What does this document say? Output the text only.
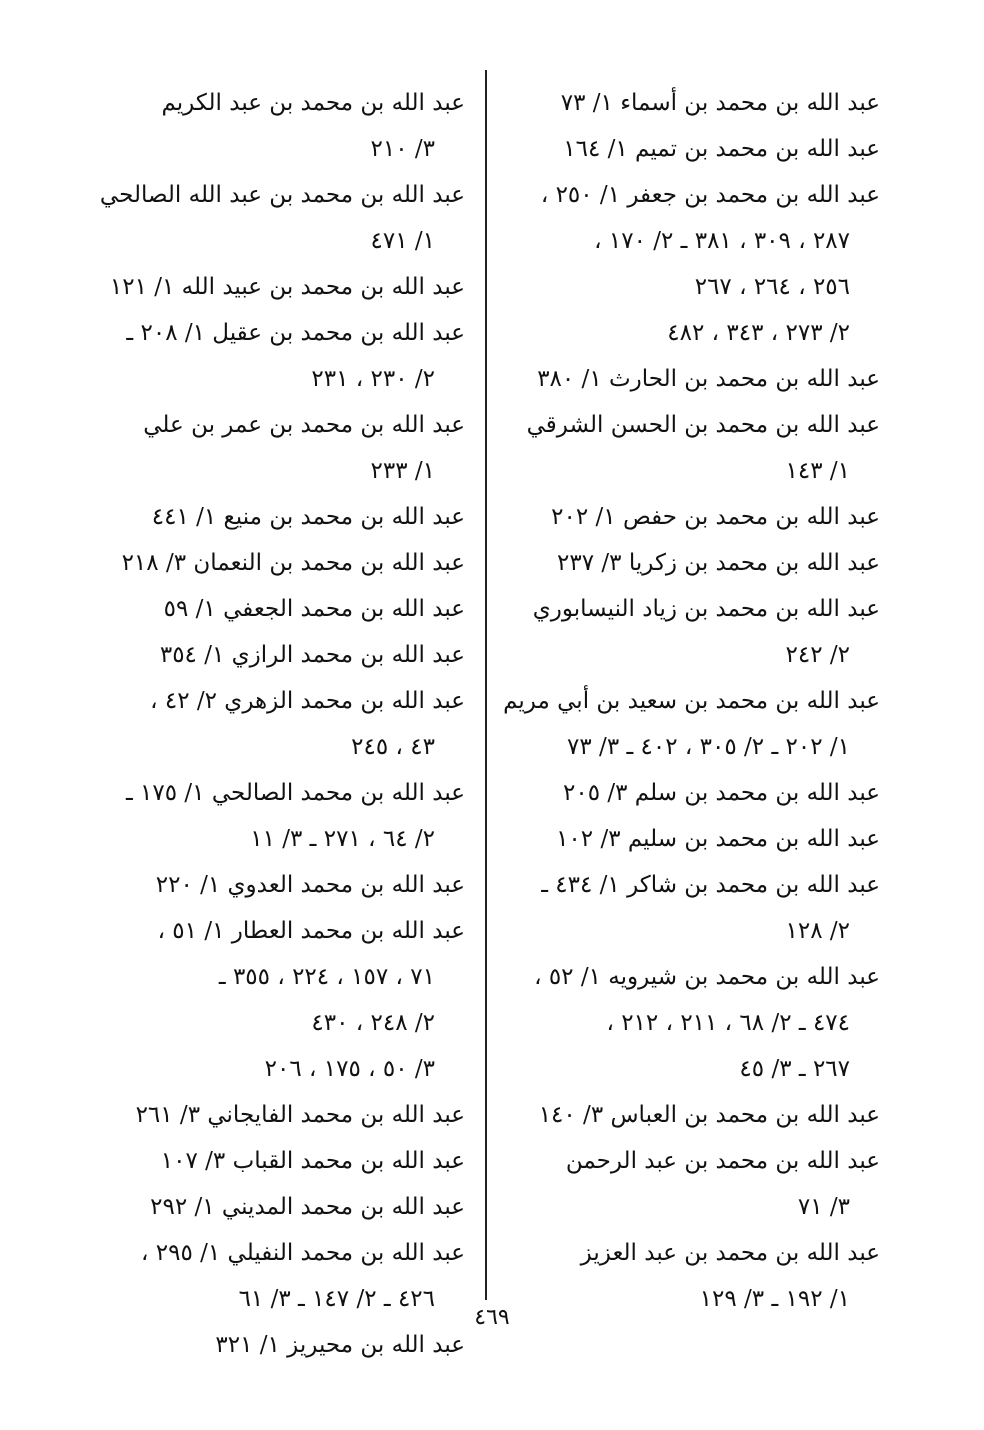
عبد الله بن محمد بن أسماء ١/ ٧٣
عبد الله بن محمد بن تميم ١/ ١٦٤
عبد الله بن محمد بن جعفر ١/ ٢٥٠ ،
٢٨٧ ، ٣٠٩ ، ٣٨١ ـ ٢/ ١٧٠ ،
٢٥٦ ، ٢٦٤ ، ٢٦٧
٢/ ٢٧٣ ، ٣٤٣ ، ٤٨٢
عبد الله بن محمد بن الحارث ١/ ٣٨٠
عبد الله بن محمد بن الحسن الشرقي
١/ ١٤٣
عبد الله بن محمد بن حفص ١/ ٢٠٢
عبد الله بن محمد بن زكريا ٣/ ٢٣٧
عبد الله بن محمد بن زياد النيسابوري
٢/ ٢٤٢
عبد الله بن محمد بن سعيد بن أبي مريم
١/ ٢٠٢ ـ ٢/ ٣٠٥ ، ٤٠٢ ـ ٣/ ٧٣
عبد الله بن محمد بن سلم ٣/ ٢٠٥
عبد الله بن محمد بن سليم ٣/ ١٠٢
عبد الله بن محمد بن شاكر ١/ ٤٣٤ ـ
٢/ ١٢٨
عبد الله بن محمد بن شيرويه ١/ ٥٢ ،
٤٧٤ ـ ٢/ ٦٨ ، ٢١١ ، ٢١٢ ،
٢٦٧ ـ ٣/ ٤٥
عبد الله بن محمد بن العباس ٣/ ١٤٠
عبد الله بن محمد بن عبد الرحمن
٣/ ٧١
عبد الله بن محمد بن عبد العزيز
١/ ١٩٢ ـ ٣/ ١٢٩
عبد الله بن محمد بن عبد الكريم
٣/ ٢١٠
عبد الله بن محمد بن عبد الله الصالحي
١/ ٤٧١
عبد الله بن محمد بن عبيد الله ١/ ١٢١
عبد الله بن محمد بن عقيل ١/ ٢٠٨ ـ
٢/ ٢٣٠ ، ٢٣١
عبد الله بن محمد بن عمر بن علي
١/ ٢٣٣
عبد الله بن محمد بن منيع ١/ ٤٤١
عبد الله بن محمد بن النعمان ٣/ ٢١٨
عبد الله بن محمد الجعفي ١/ ٥٩
عبد الله بن محمد الرازي ١/ ٣٥٤
عبد الله بن محمد الزهري ٢/ ٤٢ ،
٤٣ ، ٢٤٥
عبد الله بن محمد الصالحي ١/ ١٧٥ ـ
٢/ ٦٤ ، ٢٧١ ـ ٣/ ١١
عبد الله بن محمد العدوي ١/ ٢٢٠
عبد الله بن محمد العطار ١/ ٥١ ،
٧١ ، ١٥٧ ، ٢٢٤ ، ٣٥٥ ـ
٢/ ٢٤٨ ، ٤٣٠
٣/ ٥٠ ، ١٧٥ ، ٢٠٦
عبد الله بن محمد الفايجاني ٣/ ٢٦١
عبد الله بن محمد القباب ٣/ ١٠٧
عبد الله بن محمد المديني ١/ ٢٩٢
عبد الله بن محمد النفيلي ١/ ٢٩٥ ،
٤٢٦ ـ ٢/ ١٤٧ ـ ٣/ ٦١
عبد الله بن محيريز ١/ ٣٢١
٤٦٩
